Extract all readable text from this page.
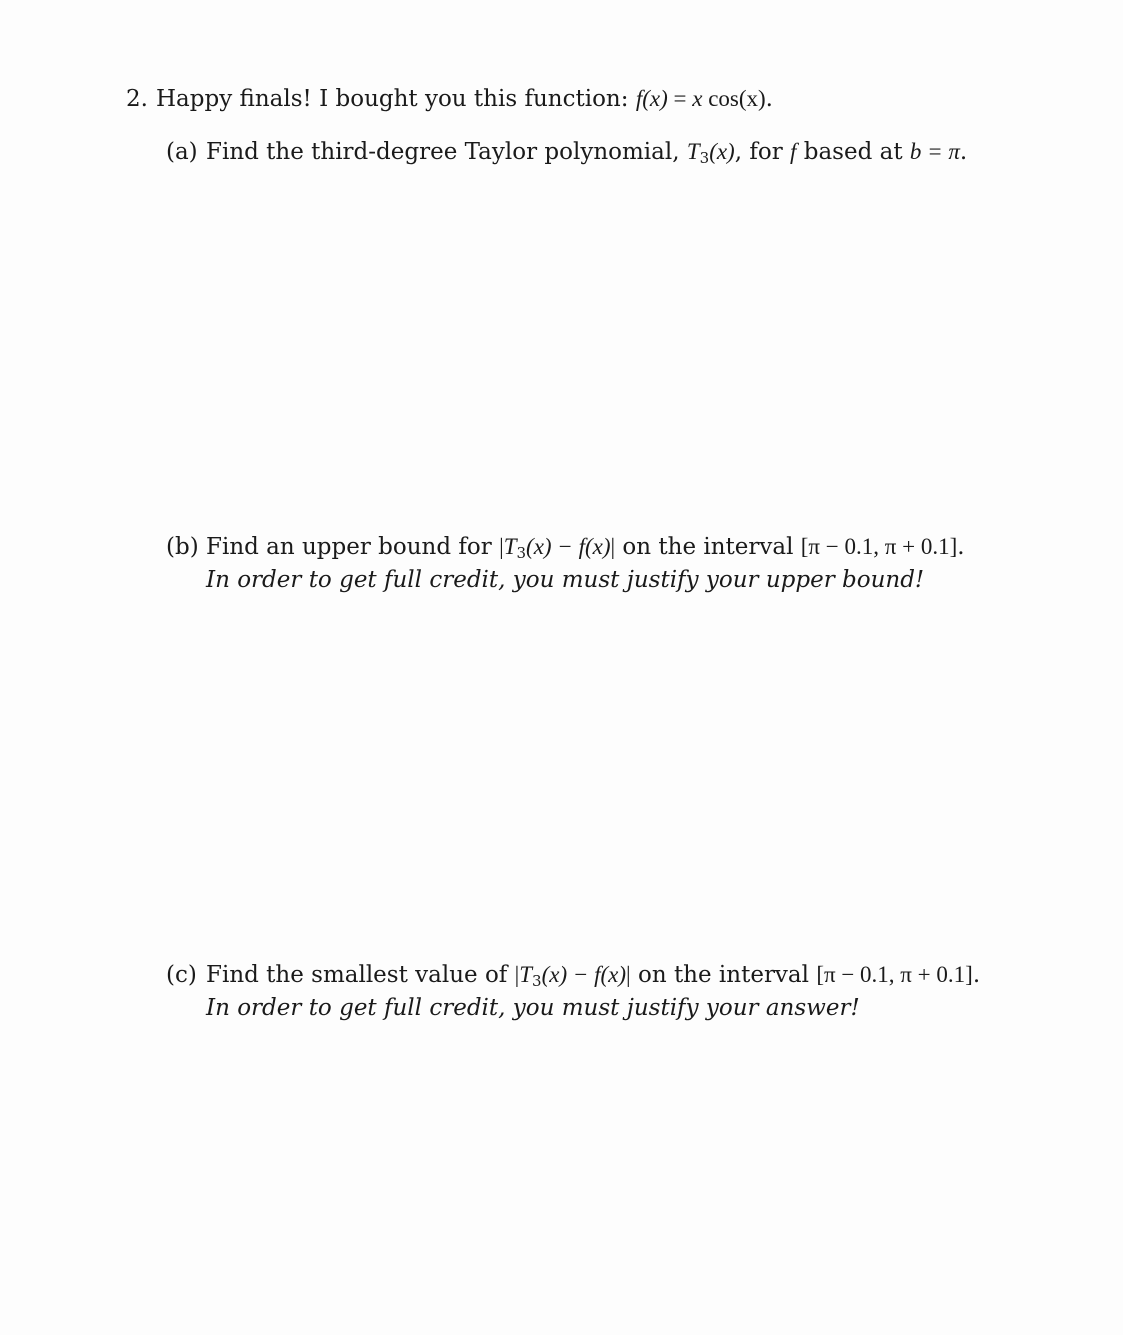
2. Happy finals! I bought you this function: f(x) = x cos(x).
(a) Find the third-degree Taylor polynomial, $T_3(x)$, for f based at b = π.
(b) Find an upper bound for $|T_3(x) - f(x)|$ on the interval [π − 0.1, π + 0.1].
In order to get full credit, you must justify your upper bound!
(c) Find the smallest value of $|T_3(x) - f(x)|$ on the interval [π − 0.1, π + 0.1].
In order to get full credit, you must justify your answer!
